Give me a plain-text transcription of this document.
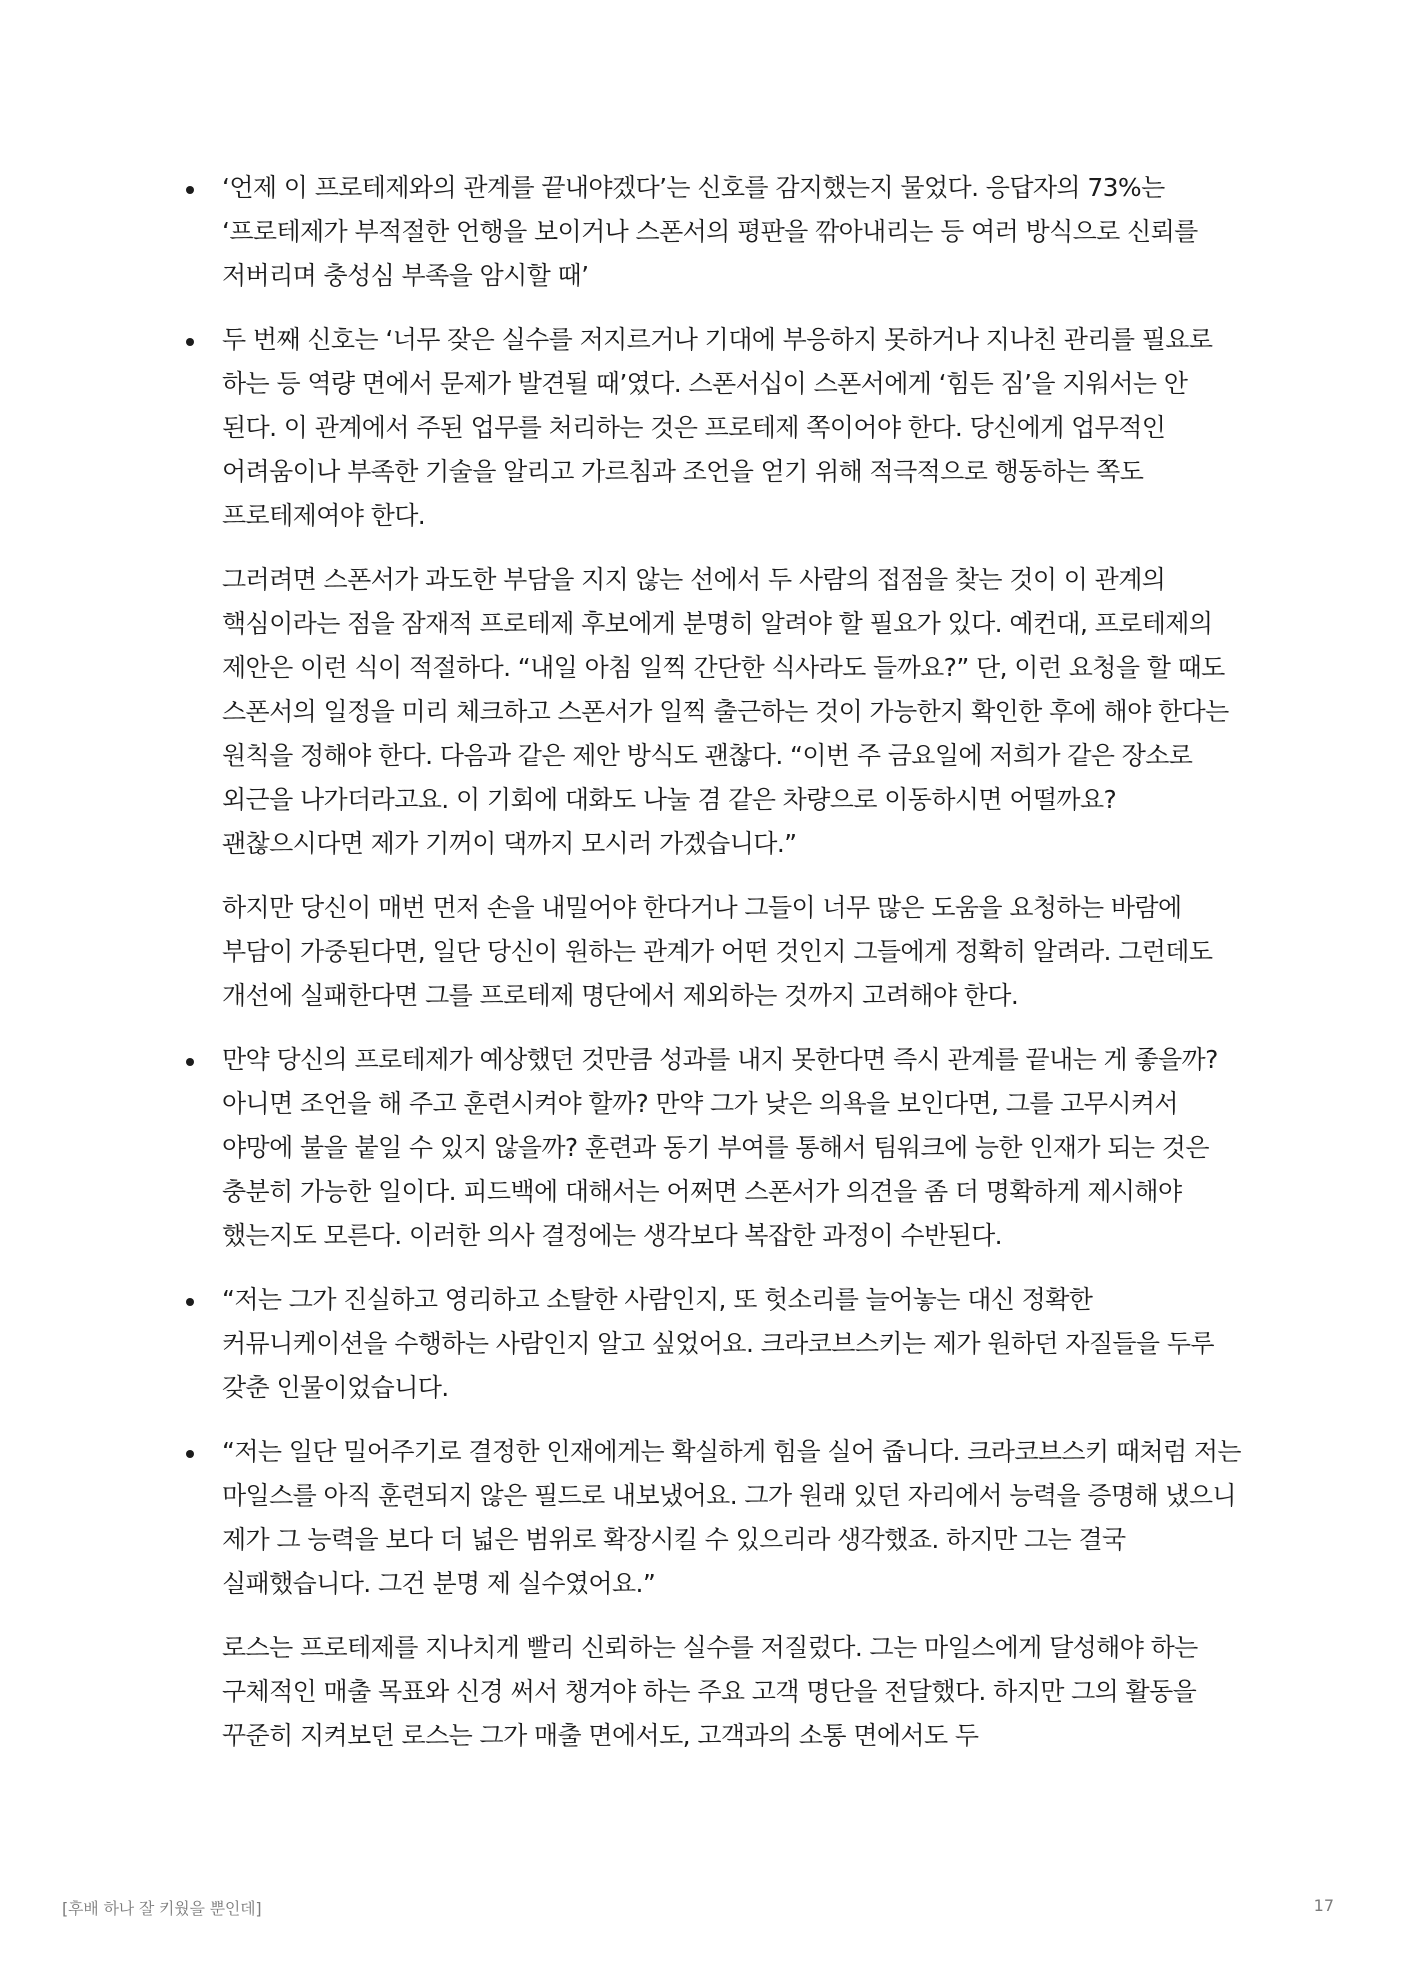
‘언제 이 프로테제와의 관계를 끝내야겠다’는 신호를 감지했는지 물었다. 응답자의 73%는 ‘프로테제가 부적절한 언행을 보이거나 스폰서의 평판을 깎아내리는 등 여러 방식으로 신뢰를 저버리며 충성심 부족을 암시할 때’

두 번째 신호는 ‘너무 잦은 실수를 저지르거나 기대에 부응하지 못하거나 지나친 관리를 필요로 하는 등 역량 면에서 문제가 발견될 때’였다. 스폰서십이 스폰서에게 ‘힘든 짐’을 지워서는 안 된다. 이 관계에서 주된 업무를 처리하는 것은 프로테제 쪽이어야 한다. 당신에게 업무적인 어려움이나 부족한 기술을 알리고 가르침과 조언을 얻기 위해 적극적으로 행동하는 쪽도 프로테제여야 한다.

그러려면 스폰서가 과도한 부담을 지지 않는 선에서 두 사람의 접점을 찾는 것이 이 관계의 핵심이라는 점을 잠재적 프로테제 후보에게 분명히 알려야 할 필요가 있다. 예컨대, 프로테제의 제안은 이런 식이 적절하다. “내일 아침 일찍 간단한 식사라도 들까요?” 단, 이런 요청을 할 때도 스폰서의 일정을 미리 체크하고 스폰서가 일찍 출근하는 것이 가능한지 확인한 후에 해야 한다는 원칙을 정해야 한다. 다음과 같은 제안 방식도 괜찮다. “이번 주 금요일에 저희가 같은 장소로 외근을 나가더라고요. 이 기회에 대화도 나눌 겸 같은 차량으로 이동하시면 어떨까요? 괜찮으시다면 제가 기꺼이 댁까지 모시러 가겠습니다.”

하지만 당신이 매번 먼저 손을 내밀어야 한다거나 그들이 너무 많은 도움을 요청하는 바람에 부담이 가중된다면, 일단 당신이 원하는 관계가 어떤 것인지 그들에게 정확히 알려라. 그런데도 개선에 실패한다면 그를 프로테제 명단에서 제외하는 것까지 고려해야 한다.

만약 당신의 프로테제가 예상했던 것만큼 성과를 내지 못한다면 즉시 관계를 끝내는 게 좋을까? 아니면 조언을 해 주고 훈련시켜야 할까? 만약 그가 낮은 의욕을 보인다면, 그를 고무시켜서 야망에 불을 붙일 수 있지 않을까? 훈련과 동기 부여를 통해서 팀워크에 능한 인재가 되는 것은 충분히 가능한 일이다. 피드백에 대해서는 어쩌면 스폰서가 의견을 좀 더 명확하게 제시해야 했는지도 모른다. 이러한 의사 결정에는 생각보다 복잡한 과정이 수반된다.

“저는 그가 진실하고 영리하고 소탈한 사람인지, 또 헛소리를 늘어놓는 대신 정확한 커뮤니케이션을 수행하는 사람인지 알고 싶었어요. 크라코브스키는 제가 원하던 자질들을 두루 갖춘 인물이었습니다.

“저는 일단 밀어주기로 결정한 인재에게는 확실하게 힘을 실어 줍니다. 크라코브스키 때처럼 저는 마일스를 아직 훈련되지 않은 필드로 내보냈어요. 그가 원래 있던 자리에서 능력을 증명해 냈으니 제가 그 능력을 보다 더 넓은 범위로 확장시킬 수 있으리라 생각했죠. 하지만 그는 결국 실패했습니다. 그건 분명 제 실수였어요.”

로스는 프로테제를 지나치게 빨리 신뢰하는 실수를 저질렀다. 그는 마일스에게 달성해야 하는 구체적인 매출 목표와 신경 써서 챙겨야 하는 주요 고객 명단을 전달했다. 하지만 그의 활동을 꾸준히 지켜보던 로스는 그가 매출 면에서도, 고객과의 소통 면에서도 두

[후배 하나 잘 키웠을 뿐인데]	17
